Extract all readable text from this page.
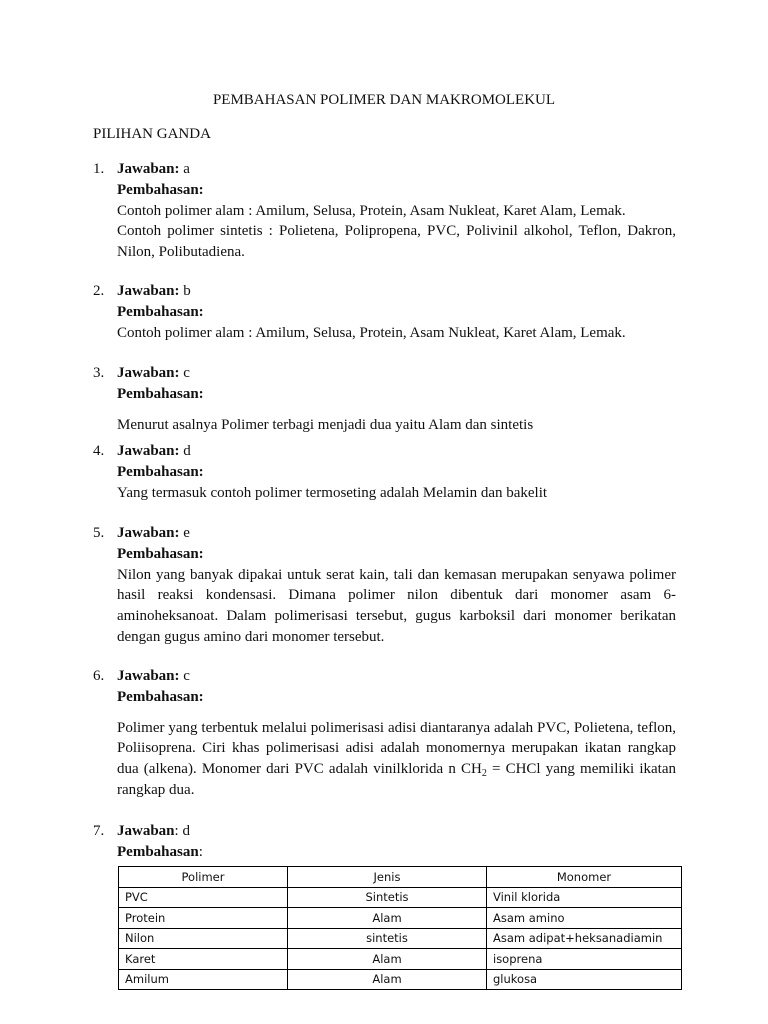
PEMBAHASAN POLIMER DAN MAKROMOLEKUL
PILIHAN GANDA
1. Jawaban: a
Pembahasan:
Contoh polimer alam : Amilum, Selusa, Protein, Asam Nukleat, Karet Alam, Lemak.
Contoh polimer sintetis : Polietena, Polipropena, PVC, Polivinil alkohol, Teflon, Dakron, Nilon, Polibutadiena.
2. Jawaban: b
Pembahasan:
Contoh polimer alam : Amilum, Selusa, Protein, Asam Nukleat, Karet Alam, Lemak.
3. Jawaban: c
Pembahasan:
Menurut asalnya Polimer terbagi menjadi dua yaitu Alam dan sintetis
4. Jawaban: d
Pembahasan:
Yang termasuk contoh polimer termoseting adalah Melamin dan bakelit
5. Jawaban: e
Pembahasan:
Nilon yang banyak dipakai untuk serat kain, tali dan kemasan merupakan senyawa polimer hasil reaksi kondensasi. Dimana polimer nilon dibentuk dari monomer asam 6-aminoheksanoat. Dalam polimerisasi tersebut, gugus karboksil dari monomer berikatan dengan gugus amino dari monomer tersebut.
6. Jawaban: c
Pembahasan:
Polimer yang terbentuk melalui polimerisasi adisi diantaranya adalah PVC, Polietena, teflon, Poliisoprena. Ciri khas polimerisasi adisi adalah monomernya merupakan ikatan rangkap dua (alkena). Monomer dari PVC adalah vinilklorida n $CH_2$ = CHCl yang memiliki ikatan rangkap dua.
7. Jawaban: d
Pembahasan:
Polimer	Jenis	Monomer
PVC	Sintetis	Vinil klorida
Protein	Alam	Asam amino
Nilon	sintetis	Asam adipat+heksanadiamin
Karet	Alam	isoprena
Amilum	Alam	glukosa
